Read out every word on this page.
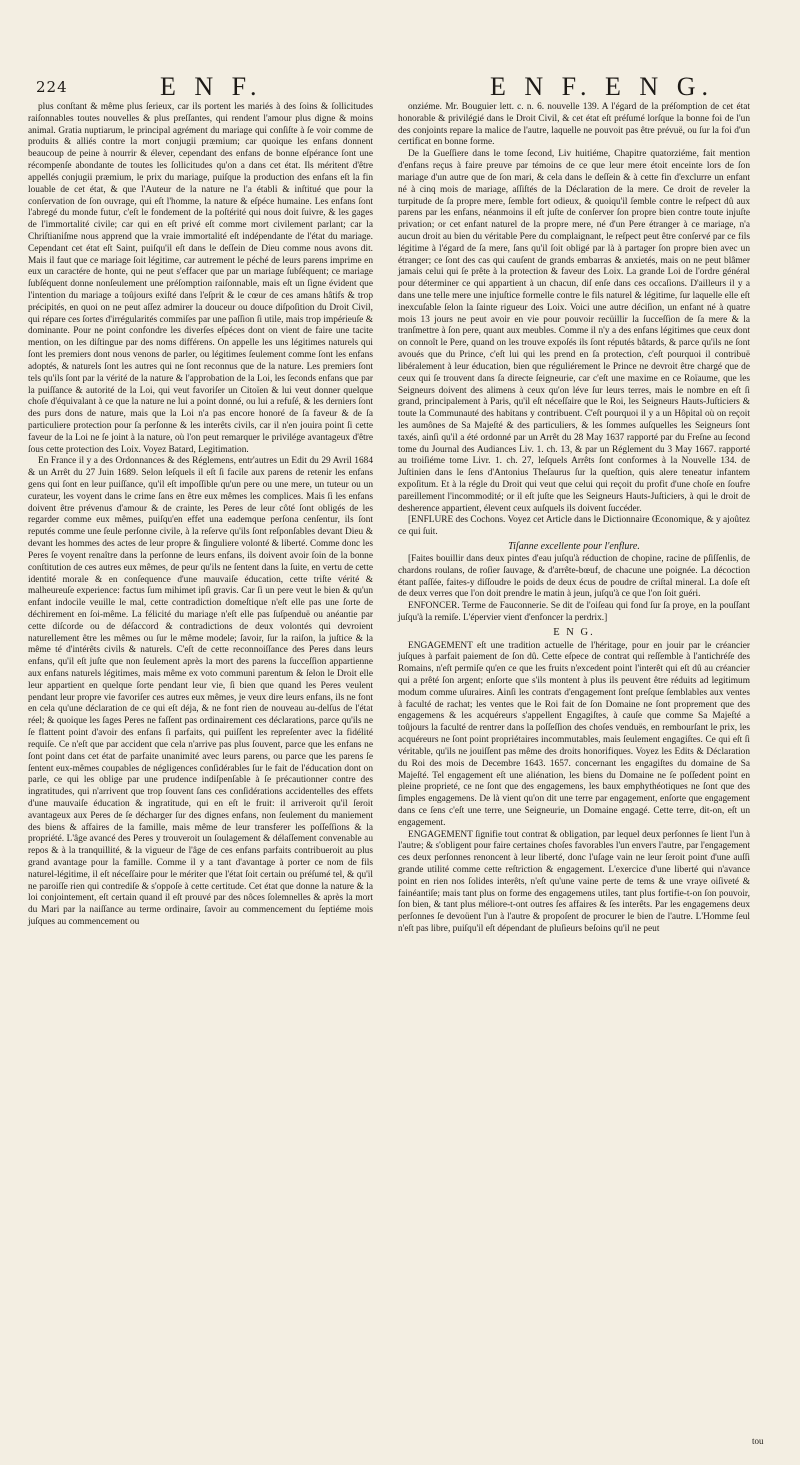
224	E N F.	E N F. E N G.

plus conſtant & même plus ſerieux, car ils portent les mariés à des ſoins & ſollicitudes raiſonnables toutes nouvelles & plus preſſantes, qui rendent l'amour plus digne & moins animal. Gratia nuptiarum, le principal agrément du mariage qui conſiſte à ſe voir comme de produits & alliés contre la mort conjugii præmium; car quoique les enfans donnent beaucoup de peine à nourrir & élever, cependant des enfans de bonne eſpérance ſont une récompenſe abondante de toutes les ſollicitudes qu'on a dans cet état. Ils méritent d'être appellés conjugii præmium, le prix du mariage, puiſque la production des enfans eſt la fin louable de cet état, & que l'Auteur de la nature ne l'a établi & inſtitué que pour la conſervation de ſon ouvrage, qui eſt l'homme, la nature & eſpéce humaine. Les enfans ſont l'abregé du monde futur, c'eſt le fondement de la poſtérité qui nous doit ſuivre, & les gages de l'immortalité civile; car qui en eſt privé eſt comme mort civilement parlant; car la Chriſtianiſme nous apprend que la vraie immortalité eſt indépendante de l'état du mariage. Cependant cet état eſt Saint, puiſqu'il eſt dans le deſſein de Dieu comme nous avons dit. Mais il faut que ce mariage ſoit légitime, car autrement le péché de leurs parens imprime en eux un caractére de honte, qui ne peut s'effacer que par un mariage ſubſéquent; ce mariage ſubſéquent donne nonſeulement une préſomption raiſonnable, mais eſt un ſigne évident que l'intention du mariage a toûjours exiſté dans l'eſprit & le cœur de ces amans hâtifs & trop précipités, en quoi on ne peut aſſez admirer la douceur ou douce diſpoſition du Droit Civil, qui répare ces ſortes d'irrégularités commiſes par une paſſion ſi utile, mais trop impérieuſe & dominante. Pour ne point confondre les diverſes eſpéces dont on vient de faire une tacite mention, on les diſtingue par des noms différens. On appelle les uns légitimes naturels qui ſont les premiers dont nous venons de parler, ou légitimes ſeulement comme ſont les enfans adoptés, & naturels ſont les autres qui ne ſont reconnus que de la nature. Les premiers ſont tels qu'ils ſont par la vérité de la nature & l'approbation de la Loi, les ſeconds enfans que par la puiſſance & autorité de la Loi, qui veut favoriſer un Citoïen & lui veut donner quelque choſe d'équivalant à ce que la nature ne lui a point donné, ou lui a refuſé, & les derniers ſont des purs dons de nature, mais que la Loi n'a pas encore honoré de ſa faveur & de ſa particuliere protection pour ſa perſonne & les interêts civils, car il n'en jouira point ſi cette faveur de la Loi ne ſe joint à la nature, où l'on peut remarquer le privilége avantageux d'être ſous cette protection des Loix. Voyez Batard, Legitimation.

En France il y a des Ordonnances & des Réglemens, entr'autres un Edit du 29 Avril 1684 & un Arrêt du 27 Juin 1689. Selon leſquels il eſt ſi facile aux parens de retenir les enfans gens qui ſont en leur puiſſance, qu'il eſt impoſſible qu'un pere ou une mere, un tuteur ou un curateur, les voyent dans le crime ſans en être eux mêmes les complices. Mais ſi les enfans doivent être prévenus d'amour & de crainte, les Peres de leur côté ſont obligés de les regarder comme eux mêmes, puiſqu'en effet una eademque perſona cenſentur, ils ſont reputés comme une ſeule perſonne civile, à la reſerve qu'ils ſont reſponſables devant Dieu & devant les hommes des actes de leur propre & ſinguliere volonté & liberté. Comme donc les Peres ſe voyent renaître dans la perſonne de leurs enfans, ils doivent avoir ſoin de la bonne conſtitution de ces autres eux mêmes, de peur qu'ils ne ſentent dans la ſuite, en vertu de cette identité morale & en conſequence d'une mauvaiſe éducation, cette triſte vérité & malheureuſe experience: factus ſum mihimet ipſi gravis. Car ſi un pere veut le bien & qu'un enfant indocile veuille le mal, cette contradiction domeſtique n'eſt elle pas une ſorte de déchirement en ſoi-même. La félicité du mariage n'eſt elle pas ſuſpenduë ou anéantie par cette diſcorde ou de déſaccord & contradictions de deux volontés qui devroient naturellement être les mêmes ou ſur le même modele; ſavoir, ſur la raiſon, la juſtice & la même té d'intérêts civils & naturels. C'eſt de cette reconnoiſſance des Peres dans leurs enfans, qu'il eſt juſte que non ſeulement après la mort des parens la ſucceſſion appartienne aux enfans naturels légitimes, mais même ex voto communi parentum & ſelon le Droit elle leur appartient en quelque ſorte pendant leur vie, ſi bien que quand les Peres veulent pendant leur propre vie favoriſer ces autres eux mêmes, je veux dire leurs enfans, ils ne font en cela qu'une déclaration de ce qui eſt déja, & ne font rien de nouveau au-delſus de l'état réel; & quoique les ſages Peres ne faſſent pas ordinairement ces déclarations, parce qu'ils ne ſe flattent point d'avoir des enfans ſi parfaits, qui puiſſent les repreſenter avec la fidélité requiſe. Ce n'eſt que par accident que cela n'arrive pas plus ſouvent, parce que les enfans ne ſont point dans cet état de parfaite unanimité avec leurs parens, ou parce que les parens ſe ſentent eux-mêmes coupables de négligences conſidérables ſur le fait de l'éducation dont on parle, ce qui les oblige par une prudence indiſpenſable à ſe précautionner contre des ingratitudes, qui n'arrivent que trop ſouvent ſans ces conſidérations accidentelles des effets d'une mauvaiſe éducation & ingratitude, qui en eſt le fruit: il arriveroit qu'il ſeroit avantageux aux Peres de ſe décharger ſur des dignes enfans, non ſeulement du maniement des biens & affaires de la famille, mais même de leur transferer les poſſeſſions & la propriété. L'âge avancé des Peres y trouveroit un ſoulagement & délaſſement convenable au repos & à la tranquillité, & la vigueur de l'âge de ces enfans parfaits contribueroit au plus grand avantage pour la famille. Comme il y a tant d'avantage à porter ce nom de fils naturel-légitime, il eſt néceſſaire pour le mériter que l'état ſoit certain ou préſumé tel, & qu'il ne paroiſſe rien qui contrediſe & s'oppoſe à cette certitude. Cet état que donne la nature & la loi conjointement, eſt certain quand il eſt prouvé par des nôces ſolemnelles & après la mort du Mari par la naiſſance au terme ordinaire, ſavoir au commencement du ſeptiéme mois juſques au commencement ou

onziéme. Mr. Bouguier lett. c. n. 6. nouvelle 139. A l'égard de la préſomption de cet état honorable & privilégié dans le Droit Civil, & cet état eſt préſumé lorſque la bonne foi de l'un des conjoints repare la malice de l'autre, laquelle ne pouvoit pas être prévuë, ou ſur la foi d'un certificat en bonne forme.

De la Gueſſiere dans le tome ſecond, Liv huitiéme, Chapitre quatorziéme, fait mention d'enfans reçus à faire preuve par témoins de ce que leur mere étoit enceinte lors de ſon mariage d'un autre que de ſon mari, & cela dans le deſſein & à cette fin d'exclurre un enfant né à cinq mois de mariage, aſſiſtés de la Déclaration de la mere. Ce droit de reveler la turpitude de ſa propre mere, ſemble fort odieux, & quoiqu'il ſemble contre le reſpect dû aux parens par les enfans, néanmoins il eſt juſte de conſerver ſon propre bien contre toute injuſte privation; or cet enfant naturel de la propre mere, né d'un Pere étranger à ce mariage, n'a aucun droit au bien du véritable Pere du complaignant, le reſpect peut être conſervé par ce fils légitime à l'égard de ſa mere, ſans qu'il ſoit obligé par là à partager ſon propre bien avec un étranger; ce ſont des cas qui cauſent de grands embarras & anxietés, mais on ne peut blâmer jamais celui qui ſe prête à la protection & faveur des Loix. La grande Loi de l'ordre général pour déterminer ce qui appartient à un chacun, diſ enſe dans ces occaſions. D'ailleurs il y a dans une telle mere une injuſtice formelle contre le fils naturel & légitime, ſur laquelle elle eſt inexcuſable ſelon la ſainte rigueur des Loix. Voici une autre déciſion, un enfant né à quatre mois 13 jours ne peut avoir en vie pour pouvoir recüillir la ſucceſſion de ſa mere & la tranſmettre à ſon pere, quant aux meubles. Comme il n'y a des enfans légitimes que ceux dont on connoît le Pere, quand on les trouve expoſés ils ſont réputés bâtards, & parce qu'ils ne ſont avoués que du Prince, c'eſt lui qui les prend en ſa protection, c'eſt pourquoi il contribuë libéralement à leur éducation, bien que réguliérement le Prince ne devroit être chargé que de ceux qui ſe trouvent dans ſa directe ſeigneurie, car c'eſt une maxime en ce Roïaume, que les Seigneurs doivent des alimens à ceux qu'on léve ſur leurs terres, mais le nombre en eſt ſi grand, principalement à Paris, qu'il eſt néceſſaire que le Roi, les Seigneurs Hauts-Juſticiers & toute la Communauté des habitans y contribuent. C'eſt pourquoi il y a un Hôpital où on reçoit les aumônes de Sa Majeſté & des particuliers, & les ſommes auſquelles les Seigneurs ſont taxés, ainſi qu'il a été ordonné par un Arrêt du 28 May 1637 rapporté par du Freſne au ſecond tome du Journal des Audiances Liv. 1. ch. 13, & par un Réglement du 3 May 1667. rapporté au troiſiéme tome Livr. 1. ch. 27, leſquels Arrêts ſont conformes à la Nouvelle 134. de Juſtinien dans le ſens d'Antonius Theſaurus ſur la queſtion, quis alere teneatur infantem expoſitum. Et à la régle du Droit qui veut que celui qui reçoit du profit d'une choſe en ſoufre pareillement l'incommodité; or il eſt juſte que les Seigneurs Hauts-Juſticiers, à qui le droit de desherence appartient, élevent ceux auſquels ils doivent ſuccéder.

[ENFLURE des Cochons. Voyez cet Article dans le Dictionnaire Œconomique, & y ajoûtez ce qui ſuit.

Tiſanne excellente pour l'enflure.

[Faites bouillir dans deux pintes d'eau juſqu'à réduction de chopine, racine de pſiſſenlis, de chardons roulans, de roſier ſauvage, & d'arrête-bœuf, de chacune une poignée. La décoction étant paſſée, faites-y diſſoudre le poids de deux écus de poudre de criſtal mineral. La doſe eſt de deux verres que l'on doit prendre le matin à jeun, juſqu'à ce que l'on ſoit guéri.

ENFONCER. Terme de Fauconnerie. Se dit de l'oiſeau qui fond ſur ſa proye, en la pouſſant juſqu'à la remiſe. L'épervier vient d'enfoncer la perdrix.]

E N G.

ENGAGEMENT eſt une tradition actuelle de l'héritage, pour en jouir par le créancier juſques à parfait paiement de ſon dû. Cette eſpece de contrat qui reſſemble à l'antichréſe des Romains, n'eſt permiſe qu'en ce que les fruits n'excedent point l'interêt qui eſt dû au créancier qui a prêté ſon argent; enſorte que s'ils montent à plus ils peuvent être réduits ad legitimum modum comme uſuraires. Ainſi les contrats d'engagement ſont preſque ſemblables aux ventes à faculté de rachat; les ventes que le Roi fait de ſon Domaine ne ſont proprement que des engagemens & les acquéreurs s'appellent Engagiſtes, à cauſe que comme Sa Majeſté a toûjours la faculté de rentrer dans la poſſeſſion des choſes venduës, en rembourſant le prix, les acquéreurs ne ſont point propriétaires incommutables, mais ſeulement engagiſtes. Ce qui eſt ſi véritable, qu'ils ne jouiſſent pas même des droits honorifiques. Voyez les Edits & Déclaration du Roi des mois de Decembre 1643. 1657. concernant les engagiſtes du domaine de Sa Majeſté. Tel engagement eſt une aliénation, les biens du Domaine ne ſe poſſedent point en pleine proprieté, ce ne ſont que des engagemens, les baux emphythéotiques ne ſont que des ſimples engagemens. De là vient qu'on dit une terre par engagement, enſorte que engagement dans ce ſens c'eſt une terre, une Seigneurie, un Domaine engagé. Cette terre, dit-on, eſt un engagement.

ENGAGEMENT ſignifie tout contrat & obligation, par lequel deux perſonnes ſe lient l'un à l'autre; & s'obligent pour faire certaines choſes favorables l'un envers l'autre, par l'engagement ces deux perſonnes renoncent à leur liberté, donc l'uſage vain ne leur ſeroit point d'une auſſi grande utilité comme cette reſtriction & engagement. L'exercice d'une liberté qui n'avance point en rien nos ſolides interêts, n'eſt qu'une vaine perte de tems & une vraye oiſiveté & fainéantiſe; mais tant plus on forme des engagemens utiles, tant plus fortifie-t-on ſon pouvoir, ſon bien, & tant plus méliore-t-ont outres ſes affaires & ſes interêts. Par les engagemens deux perſonnes ſe devoüent l'un à l'autre & propoſent de procurer le bien de l'autre. L'Homme ſeul n'eſt pas libre, puiſqu'il eſt dépendant de pluſieurs beſoins qu'il ne peut

tou
